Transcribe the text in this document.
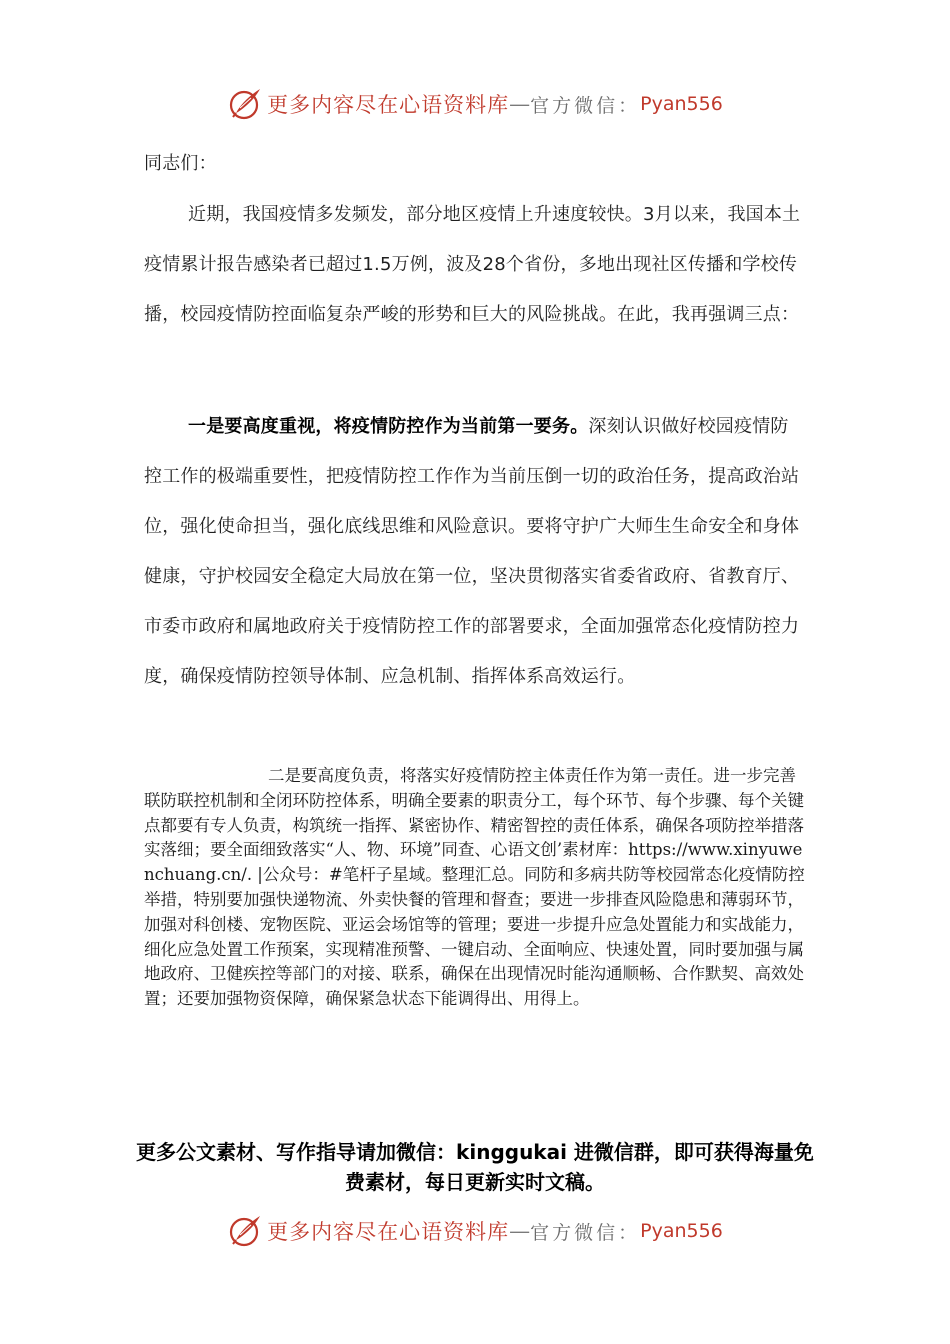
更多内容尽在心语资料库 — 官方微信： Pyan556

同志们：

近期，我国疫情多发频发，部分地区疫情上升速度较快。3月以来，我国本土疫情累计报告感染者已超过1.5万例，波及28个省份，多地出现社区传播和学校传播，校园疫情防控面临复杂严峻的形势和巨大的风险挑战。在此，我再强调三点：

一是要高度重视，将疫情防控作为当前第一要务。深刻认识做好校园疫情防控工作的极端重要性，把疫情防控工作作为当前压倒一切的政治任务，提高政治站位，强化使命担当，强化底线思维和风险意识。要将守护广大师生生命安全和身体健康，守护校园安全稳定大局放在第一位，坚决贯彻落实省委省政府、省教育厅、市委市政府和属地政府关于疫情防控工作的部署要求，全面加强常态化疫情防控力度，确保疫情防控领导体制、应急机制、指挥体系高效运行。

二是要高度负责，将落实好疫情防控主体责任作为第一责任。进一步完善联防联控机制和全闭环防控体系，明确全要素的职责分工，每个环节、每个步骤、每个关键点都要有专人负责，构筑统一指挥、紧密协作、精密智控的责任体系，确保各项防控举措落实落细；要全面细致落实“人、物、环境”同查、心语文创’素材库：https://www.xinyuwenchuang.cn/. |公众号：#笔杆子星域。整理汇总。同防和多病共防等校园常态化疫情防控举措，特别要加强快递物流、外卖快餐的管理和督查；要进一步排查风险隐患和薄弱环节，加强对科创楼、宠物医院、亚运会场馆等的管理；要进一步提升应急处置能力和实战能力，细化应急处置工作预案，实现精准预警、一键启动、全面响应、快速处置，同时要加强与属地政府、卫健疾控等部门的对接、联系，确保在出现情况时能沟通顺畅、合作默契、高效处置；还要加强物资保障，确保紧急状态下能调得出、用得上。

更多公文素材、写作指导请加微信：kinggukai 进微信群，即可获得海量免费素材，每日更新实时文稿。

更多内容尽在心语资料库 — 官方微信： Pyan556
